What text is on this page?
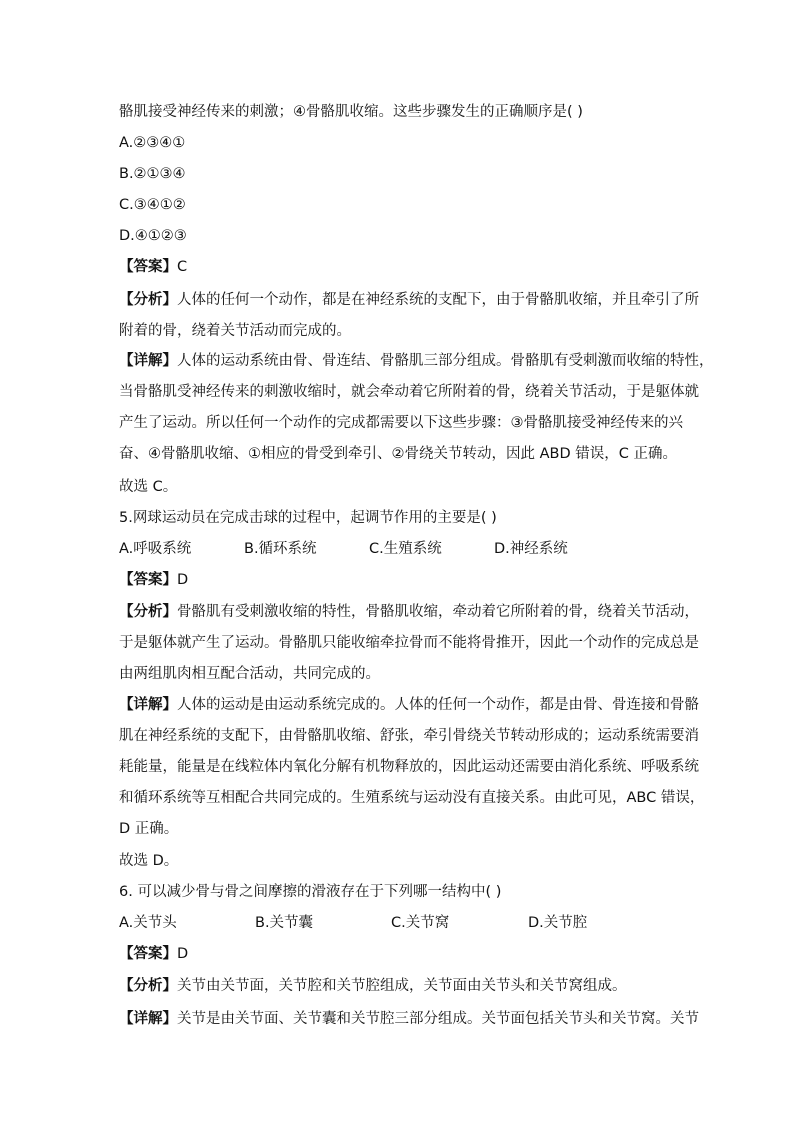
骼肌接受神经传来的刺激；④骨骼肌收缩。这些步骤发生的正确顺序是( )
A.②③④①
B.②①③④
C.③④①②
D.④①②③
【答案】C
【分析】人体的任何一个动作，都是在神经系统的支配下，由于骨骼肌收缩，并且牵引了所
附着的骨，绕着关节活动而完成的。
【详解】人体的运动系统由骨、骨连结、骨骼肌三部分组成。骨骼肌有受刺激而收缩的特性，
当骨骼肌受神经传来的刺激收缩时，就会牵动着它所附着的骨，绕着关节活动，于是躯体就
产生了运动。所以任何一个动作的完成都需要以下这些步骤：③骨骼肌接受神经传来的兴
奋、④骨骼肌收缩、①相应的骨受到牵引、②骨绕关节转动，因此 ABD 错误，C 正确。
故选 C。
5.网球运动员在完成击球的过程中，起调节作用的主要是( )
A.呼吸系统	B.循环系统	C.生殖系统	D.神经系统
【答案】D
【分析】骨骼肌有受刺激收缩的特性，骨骼肌收缩，牵动着它所附着的骨，绕着关节活动，
于是躯体就产生了运动。骨骼肌只能收缩牵拉骨而不能将骨推开，因此一个动作的完成总是
由两组肌肉相互配合活动，共同完成的。
【详解】人体的运动是由运动系统完成的。人体的任何一个动作，都是由骨、骨连接和骨骼
肌在神经系统的支配下，由骨骼肌收缩、舒张，牵引骨绕关节转动形成的；运动系统需要消
耗能量，能量是在线粒体内氧化分解有机物释放的，因此运动还需要由消化系统、呼吸系统
和循环系统等互相配合共同完成的。生殖系统与运动没有直接关系。由此可见，ABC 错误，
D 正确。
故选 D。
6. 可以减少骨与骨之间摩擦的滑液存在于下列哪一结构中( )
A.关节头	B.关节囊	C.关节窝	D.关节腔
【答案】D
【分析】关节由关节面，关节腔和关节腔组成，关节面由关节头和关节窝组成。
【详解】关节是由关节面、关节囊和关节腔三部分组成。关节面包括关节头和关节窝。关节
